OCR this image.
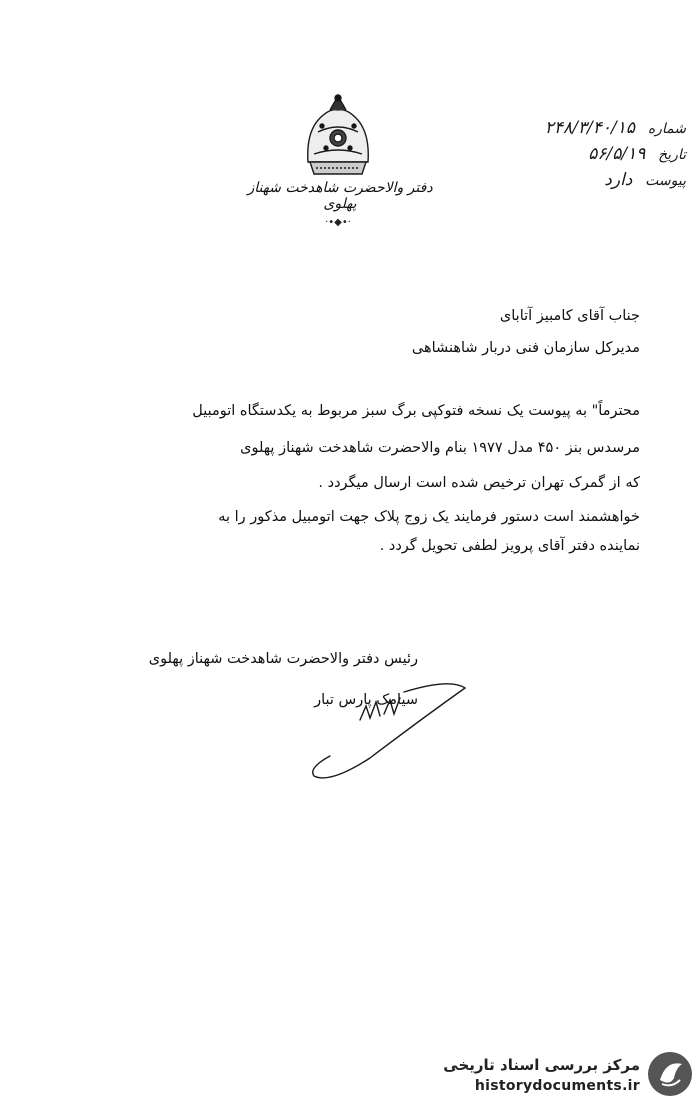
دفتر والاحضرت شاهدخت شهناز پهلوی
·•◆•·
شماره ۲۴۸/۳/۴۰/۱۵
تاریخ ۵۶/۵/۱۹
پیوست دارد
جناب آقای کامبیز آتابای
مدیرکل سازمان فنی دربار شاهنشاهی
محترماً" به پیوست یک نسخه فتوکپی برگ سبز مربوط به یکدستگاه اتومبیل
مرسدس بنز ۴۵۰ مدل ۱۹۷۷ بنام والاحضرت شاهدخت شهناز پهلوی
که از گمرک تهران ترخیص شده است ارسال میگردد .
خواهشمند است دستور فرمایند یک زوج پلاک جهت اتومبیل مذکور را به
نماینده دفتر آقای پرویز لطفی تحویل گردد .
رئیس دفتر والاحضرت شاهدخت شهناز پهلوی
سیامک پارس تبار
مرکز بررسی اسناد تاریخی
historydocuments.ir
